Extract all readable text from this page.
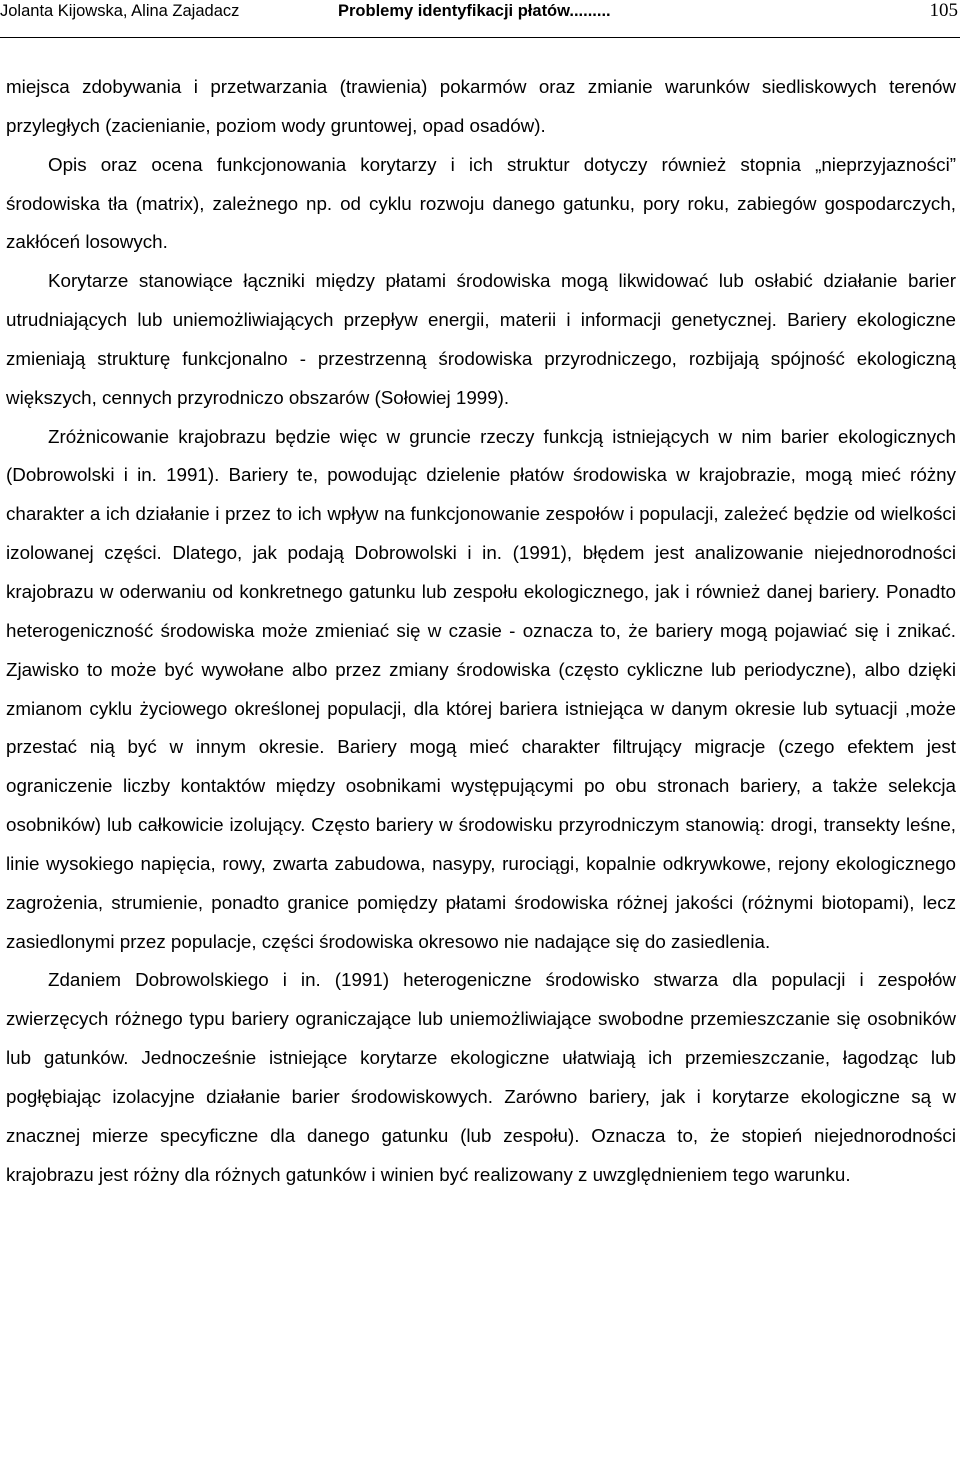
Jolanta Kijowska, Alina Zajadacz	Problemy identyfikacji płatów.........	105

miejsca zdobywania i przetwarzania (trawienia) pokarmów oraz zmianie warunków siedliskowych terenów przyległych (zacienianie, poziom wody gruntowej, opad osadów).

Opis oraz ocena funkcjonowania korytarzy i ich struktur dotyczy również stopnia „nieprzyjazności” środowiska tła (matrix), zależnego np. od cyklu rozwoju danego gatunku, pory roku, zabiegów gospodarczych, zakłóceń losowych.

Korytarze stanowiące łączniki między płatami środowiska mogą likwidować lub osłabić działanie barier utrudniających lub uniemożliwiających przepływ energii, materii i informacji genetycznej. Bariery ekologiczne zmieniają strukturę funkcjonalno - przestrzenną środowiska przyrodniczego, rozbijają spójność ekologiczną większych, cennych przyrodniczo obszarów (Sołowiej 1999).

Zróżnicowanie krajobrazu będzie więc w gruncie rzeczy funkcją istniejących w nim barier ekologicznych (Dobrowolski i in. 1991). Bariery te, powodując dzielenie płatów środowiska w krajobrazie, mogą mieć różny charakter a ich działanie i przez to ich wpływ na funkcjonowanie zespołów i populacji, zależeć będzie od wielkości izolowanej części. Dlatego, jak podają Dobrowolski i in. (1991), błędem jest analizowanie niejednorodności krajobrazu w oderwaniu od konkretnego gatunku lub zespołu ekologicznego, jak i również danej bariery. Ponadto heterogeniczność środowiska może zmieniać się w czasie - oznacza to, że bariery mogą pojawiać się i znikać. Zjawisko to może być wywołane albo przez zmiany środowiska (często cykliczne lub periodyczne), albo dzięki zmianom cyklu życiowego określonej populacji, dla której bariera istniejąca w danym okresie lub sytuacji ,może przestać nią być w innym okresie. Bariery mogą mieć charakter filtrujący migracje (czego efektem jest ograniczenie liczby kontaktów między osobnikami występującymi po obu stronach bariery, a także selekcja osobników) lub całkowicie izolujący. Często bariery w środowisku przyrodniczym stanowią: drogi, transekty leśne, linie wysokiego napięcia, rowy, zwarta zabudowa, nasypy, rurociągi, kopalnie odkrywkowe, rejony ekologicznego zagrożenia, strumienie, ponadto granice pomiędzy płatami środowiska różnej jakości (różnymi biotopami), lecz zasiedlonymi przez populacje, części środowiska okresowo nie nadające się do zasiedlenia.

Zdaniem Dobrowolskiego i in. (1991) heterogeniczne środowisko stwarza dla populacji i zespołów zwierzęcych różnego typu bariery ograniczające lub uniemożliwiające swobodne przemieszczanie się osobników lub gatunków. Jednocześnie istniejące korytarze ekologiczne ułatwiają ich przemieszczanie, łagodząc lub pogłębiając izolacyjne działanie barier środowiskowych. Zarówno bariery, jak i korytarze ekologiczne są w znacznej mierze specyficzne dla danego gatunku (lub zespołu). Oznacza to, że stopień niejednorodności krajobrazu jest różny dla różnych gatunków i winien być realizowany z uwzględnieniem tego warunku.
